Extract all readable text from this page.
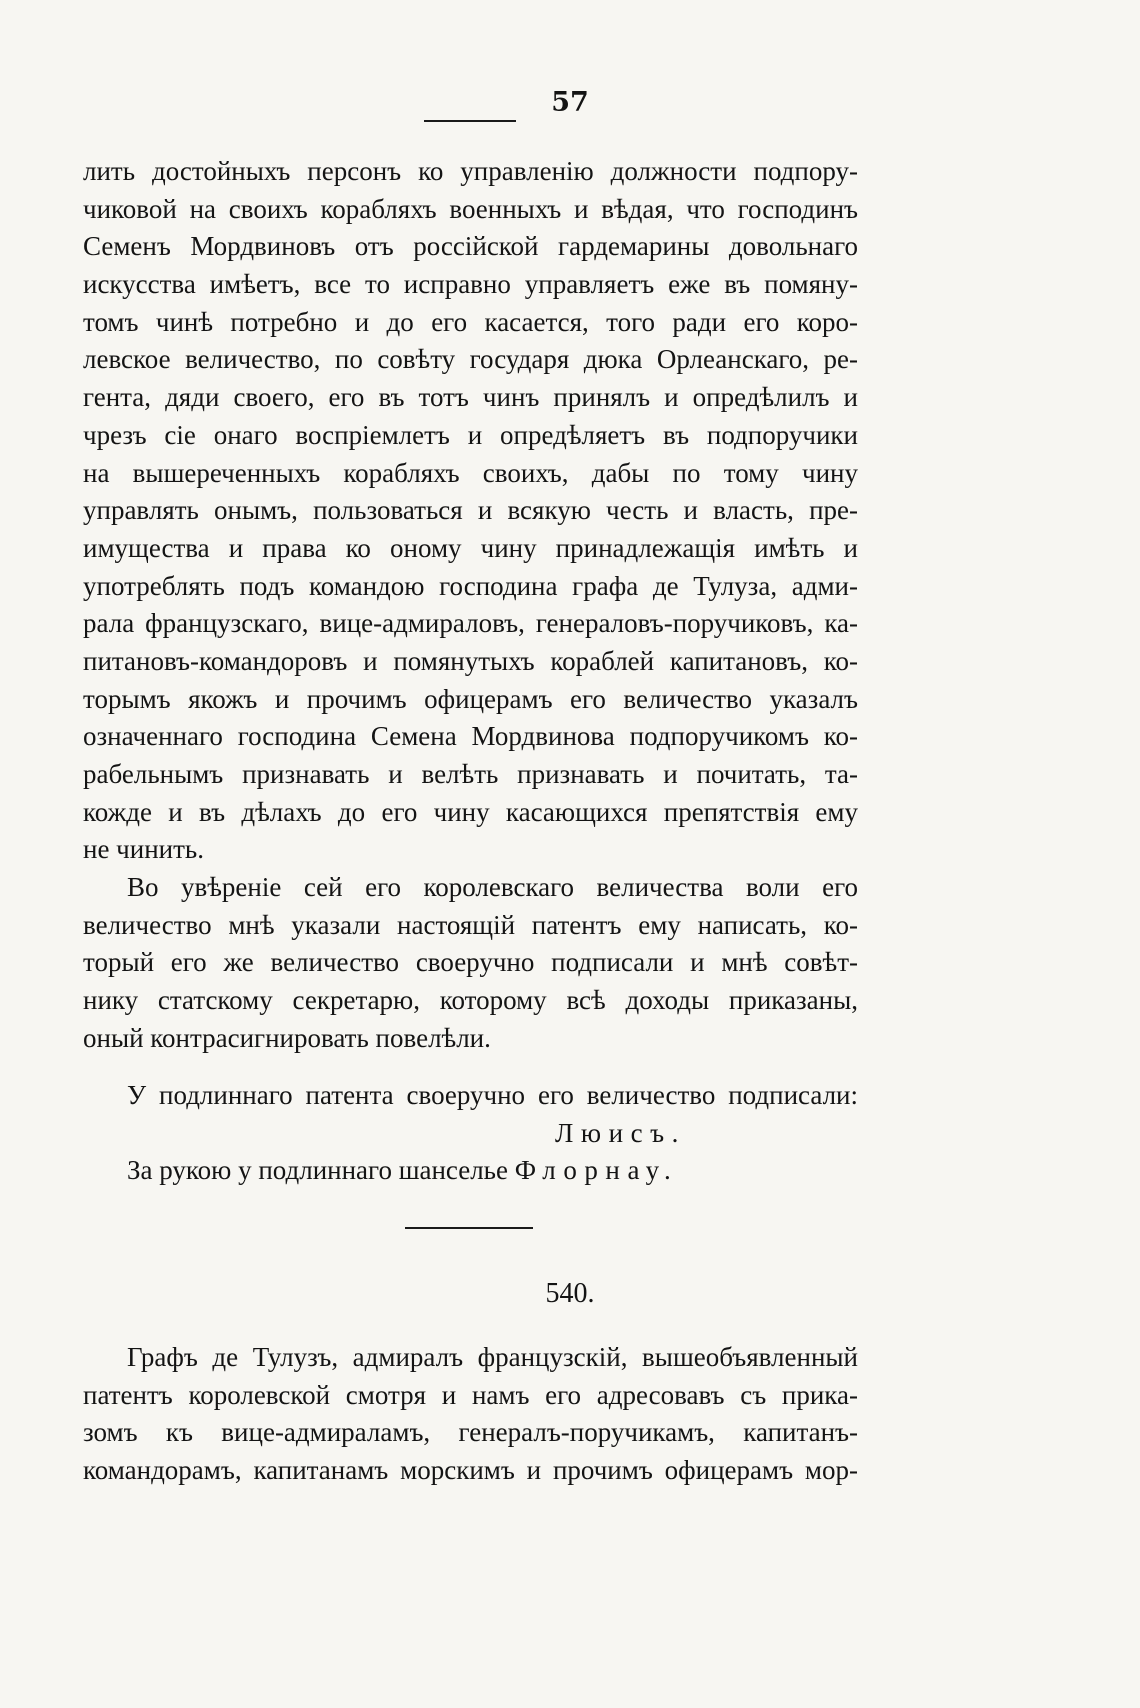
57
лить достойныхъ персонъ ко управленію должности подпору-
чиковой на своихъ корабляхъ военныхъ и вѣдая, что господинъ
Семенъ Мордвиновъ отъ россійской гардемарины довольнаго
искусства имѣетъ, все то исправно управляетъ еже въ помяну-
томъ чинѣ потребно и до его касается, того ради его коро-
левское величество, по совѣту государя дюка Орлеанскаго, ре-
гента, дяди своего, его въ тотъ чинъ принялъ и опредѣлилъ и
чрезъ сіе онаго воспріемлетъ и опредѣляетъ въ подпоручики
на вышереченныхъ корабляхъ своихъ, дабы по тому чину
управлять онымъ, пользоваться и всякую честь и власть, пре-
имущества и права ко оному чину принадлежащія имѣть и
употреблять подъ командою господина графа де Тулуза, адми-
рала французскаго, вице-адмираловъ, генераловъ-поручиковъ, ка-
питановъ-командоровъ и помянутыхъ кораблей капитановъ, ко-
торымъ якожъ и прочимъ офицерамъ его величество указалъ
означеннаго господина Семена Мордвинова подпоручикомъ ко-
рабельнымъ признавать и велѣть признавать и почитать, та-
кожде и въ дѣлахъ до его чину касающихся препятствія ему
не чинить.
Во увѣреніе сей его королевскаго величества воли его
величество мнѣ указали настоящій патентъ ему написать, ко-
торый его же величество своеручно подписали и мнѣ совѣт-
нику статскому секретарю, которому всѣ доходы приказаны,
оный контрасигнировать повелѣли.
У подлиннаго патента своеручно его величество подписали:
Люисъ.
За рукою у подлиннаго шанселье Флорнау.
540.
Графъ де Тулузъ, адмиралъ французскій, вышеобъявленный
патентъ королевской смотря и намъ его адресовавъ съ прика-
зомъ къ вице-адмираламъ, генералъ-поручикамъ, капитанъ-
командорамъ, капитанамъ морскимъ и прочимъ офицерамъ мор-
